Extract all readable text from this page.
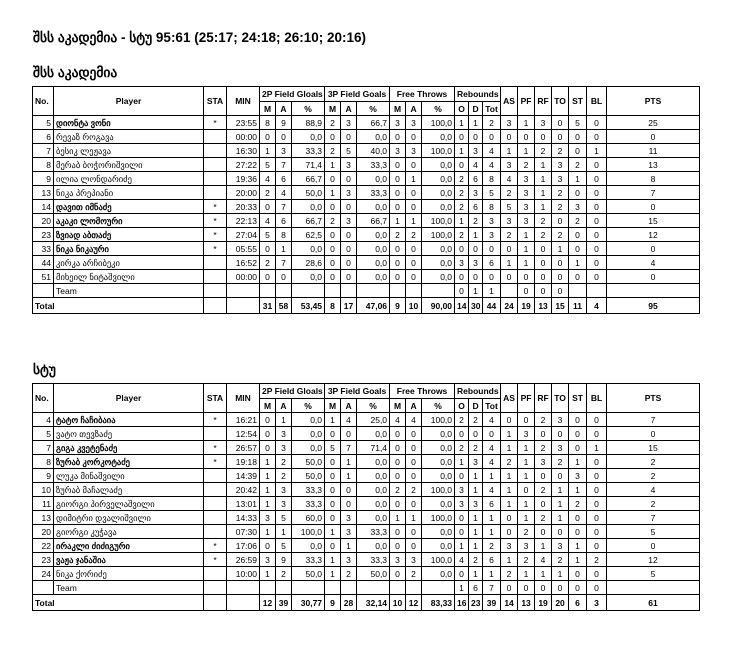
შსს აკადემია - სტუ 95:61 (25:17; 24:18; 26:10; 20:16)
შსს აკადემია
No.	Player	STA	MIN	2P Field Gloals			3P Field Goals			Free Throws			Rebounds			AS	PF	RF	TO	ST	BL	PTS
				M	A	%	M	A	%	M	A	%	O	D	Tot							
5	დიონტა ვონი	*	23:55	8	9	88,9	2	3	66,7	3	3	100,0	1	1	2	3	1	3	0	5	0	25
6	რევაზ როგავა		00:00	0	0	0,0	0	0	0,0	0	0	0,0	0	0	0	0	0	0	0	0	0	0
7	ბესიკ ლეჟავა		16:30	1	3	33,3	2	5	40,0	3	3	100,0	1	3	4	1	1	2	2	0	1	11
8	მერაბ ბოჭორიშვილი		27:22	5	7	71,4	1	3	33,3	0	0	0,0	0	4	4	3	2	1	3	2	0	13
9	ილია ლონდარიძე		19:36	4	6	66,7	0	0	0,0	0	1	0,0	2	6	8	4	3	1	3	1	0	8
13	ნიკა პრეპიანი		20:00	2	4	50,0	1	3	33,3	0	0	0,0	2	3	5	2	3	1	2	0	0	7
14	დავით იმნაძე	*	20:33	0	7	0,0	0	0	0,0	0	0	0,0	2	6	8	5	3	1	2	3	0	0
20	აკაკი ლომოური	*	22:13	4	6	66,7	2	3	66,7	1	1	100,0	1	2	3	3	3	2	0	2	0	15
23	ზვიად აბთაძე	*	27:04	5	8	62,5	0	0	0,0	2	2	100,0	2	1	3	2	1	2	2	0	0	12
33	ნიკა ნიკაური	*	05:55	0	1	0,0	0	0	0,0	0	0	0,0	0	0	0	0	1	0	1	0	0	0
44	კირკა არჩიბეკი		16:52	2	7	28,6	0	0	0,0	0	0	0,0	3	3	6	1	1	0	0	1	0	4
51	მიხეილ ნიტაშვილი		00:00	0	0	0,0	0	0	0,0	0	0	0,0	0	0	0	0	0	0	0	0	0	0
	Team												0	1	1		0	0	0			
Total				31	58	53,45	8	17	47,06	9	10	90,00	14	30	44	24	19	13	15	11	4	95
სტუ
No.	Player	STA	MIN	2P Field Gloals			3P Field Goals			Free Throws			Rebounds			AS	PF	RF	TO	ST	BL	PTS
				M	A	%	M	A	%	M	A	%	O	D	Tot							
4	ტატო ჩაჩიბაია	*	16:21	0	1	0,0	1	4	25,0	4	4	100,0	2	2	4	0	0	2	3	0	0	7
5	ვატო თევზაძე		12:54	0	3	0,0	0	0	0,0	0	0	0,0	0	0	0	1	3	0	0	0	0	0
7	გიგა კვეტენაძე	*	26:57	0	3	0,0	5	7	71,4	0	0	0,0	2	2	4	1	1	2	3	0	1	15
8	ზურაბ კორკოტაძე	*	19:18	1	2	50,0	0	1	0,0	0	0	0,0	1	3	4	2	1	3	2	1	0	2
9	ლუკა მინაშვილი		14:39	1	2	50,0	0	1	0,0	0	0	0,0	0	1	1	1	1	0	0	3	0	2
10	ზურაბ მაჩალაძე		20:42	1	3	33,3	0	0	0,0	2	2	100,0	3	1	4	1	0	2	1	1	0	4
11	გიორგი პირველაშვილი		13:01	1	3	33,3	0	0	0,0	0	0	0,0	3	3	6	1	1	0	1	2	0	2
13	დიმიტრი დვალიშვილი		14:33	3	5	60,0	0	3	0,0	1	1	100,0	0	1	1	0	1	2	1	0	0	7
20	გიორგი კუჭავა		07:30	1	1	100,0	1	3	33,3	0	0	0,0	0	1	1	0	2	0	0	0	0	5
22	ირაკლი ძიძიგური	*	17:06	0	5	0,0	0	1	0,0	0	0	0,0	1	1	2	3	3	1	3	1	0	0
23	ვაჟა ჯანაშია	*	26:59	3	9	33,3	1	3	33,3	3	3	100,0	4	2	6	1	2	4	2	1	2	12
24	ნიკა ქორიძე		10:00	1	2	50,0	1	2	50,0	0	2	0,0	0	1	1	2	1	1	1	0	0	5
	Team												1	6	7	0	0	0	0	0	0	
Total				12	39	30,77	9	28	32,14	10	12	83,33	16	23	39	14	13	19	20	6	3	61
